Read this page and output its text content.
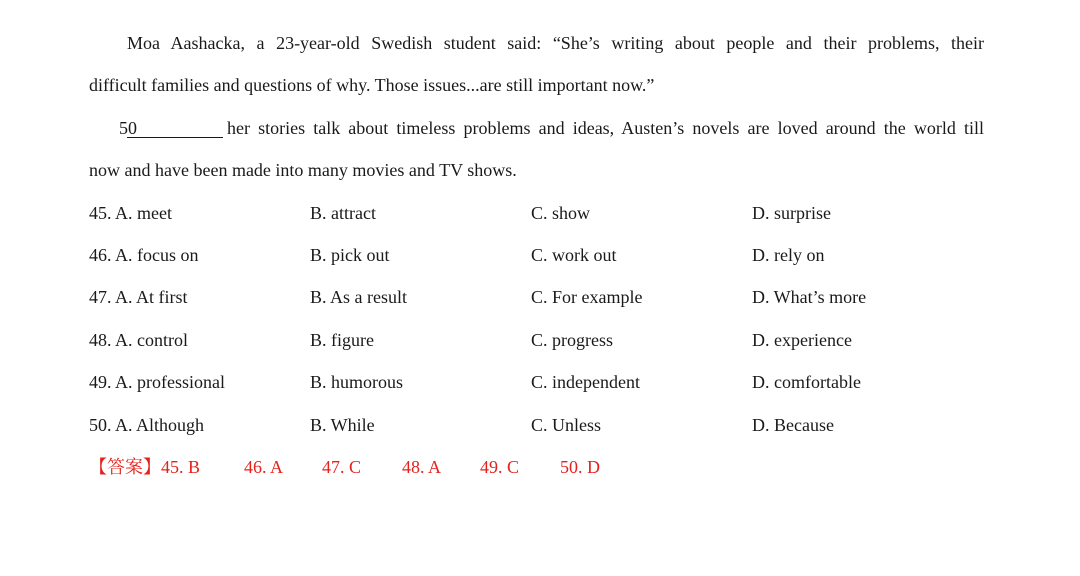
Moa Aashacka, a 23-year-old Swedish student said: “She’s writing about people and their problems, their
difficult families and questions of why. Those issues...are still important now.”
50	her stories talk about timeless problems and ideas, Austen’s novels are loved around the world till
now and have been made into many movies and TV shows.
45. A. meet	B. attract	C. show	D. surprise
46. A. focus on	B. pick out	C. work out	D. rely on
47. A. At first	B. As a result	C. For example	D. What’s more
48. A. control	B. figure	C. progress	D. experience
49. A. professional	B. humorous	C. independent	D. comfortable
50. A. Although	B. While	C. Unless	D. Because
【答案】45. B 46. A 47. C 48. A 49. C 50. D
